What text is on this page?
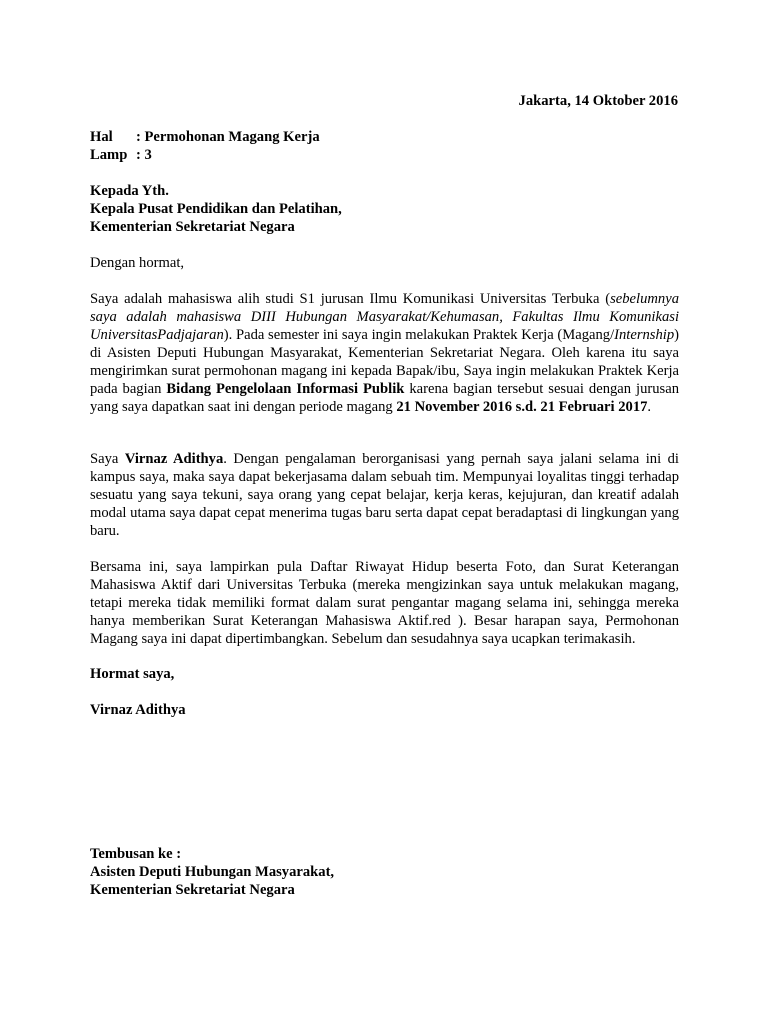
Jakarta, 14 Oktober 2016
Hal	: Permohonan Magang Kerja
Lamp : 3
Kepada Yth.
Kepala Pusat Pendidikan dan Pelatihan,
Kementerian Sekretariat Negara
Dengan hormat,

Saya adalah mahasiswa alih studi S1 jurusan Ilmu Komunikasi Universitas Terbuka (sebelumnya saya adalah mahasiswa DIII Hubungan Masyarakat/Kehumasan, Fakultas Ilmu Komunikasi UniversitasPadjajaran). Pada semester ini saya ingin melakukan Praktek Kerja (Magang/Internship) di Asisten Deputi Hubungan Masyarakat, Kementerian Sekretariat Negara. Oleh karena itu saya mengirimkan surat permohonan magang ini kepada Bapak/ibu, Saya ingin melakukan Praktek Kerja pada bagian Bidang Pengelolaan Informasi Publik karena bagian tersebut sesuai dengan jurusan yang saya dapatkan saat ini dengan periode magang 21 November 2016 s.d. 21 Februari 2017.

Saya Virnaz Adithya. Dengan pengalaman berorganisasi yang pernah saya jalani selama ini di kampus saya, maka saya dapat bekerjasama dalam sebuah tim. Mempunyai loyalitas tinggi terhadap sesuatu yang saya tekuni, saya orang yang cepat belajar, kerja keras, kejujuran, dan kreatif adalah modal utama saya dapat cepat menerima tugas baru serta dapat cepat beradaptasi di lingkungan yang baru.

Bersama ini, saya lampirkan pula Daftar Riwayat Hidup beserta Foto, dan Surat Keterangan Mahasiswa Aktif dari Universitas Terbuka (mereka mengizinkan saya untuk melakukan magang, tetapi mereka tidak memiliki format dalam surat pengantar magang selama ini, sehingga mereka hanya memberikan Surat Keterangan Mahasiswa Aktif.red ). Besar harapan saya, Permohonan Magang saya ini dapat dipertimbangkan. Sebelum dan sesudahnya saya ucapkan terimakasih.

Hormat saya,
Virnaz Adithya
Tembusan ke :
Asisten Deputi Hubungan Masyarakat,
Kementerian Sekretariat Negara
